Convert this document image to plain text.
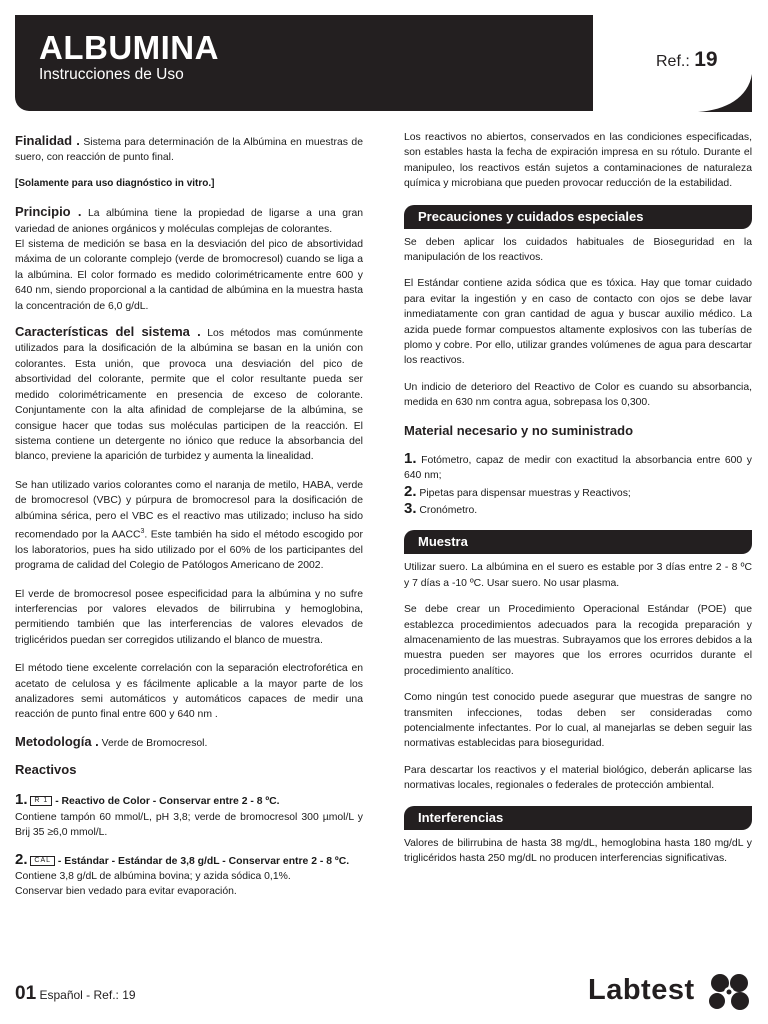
ALBUMINA
Instrucciones de Uso
Ref.: 19

Finalidad . Sistema para determinación de la Albúmina en muestras de suero, con reacción de punto final.

[Solamente para uso diagnóstico in vitro.]

Principio . La albúmina tiene la propiedad de ligarse a una gran variedad de aniones orgánicos y moléculas complejas de colorantes.

El sistema de medición se basa en la desviación del pico de absortividad máxima de un colorante complejo (verde de bromocresol) cuando se liga a la albúmina. El color formado es medido colorimétricamente entre 600 y 640 nm, siendo proporcional a la cantidad de albúmina en la muestra hasta la concentración de 6,0 g/dL.

Características del sistema . Los métodos mas comúnmente utilizados para la dosificación de la albúmina se basan en la unión con colorantes. Esta unión, que provoca una desviación del pico de absortividad del colorante, permite que el color resultante pueda ser medido colorimétricamente en presencia de exceso de colorante. Conjuntamente con la alta afinidad de complejarse de la albúmina, se consigue hacer que todas sus moléculas participen de la reacción. El sistema contiene un detergente no iónico que reduce la absorbancia del blanco, previene la aparición de turbidez y aumenta la linealidad.

Se han utilizado varios colorantes como el naranja de metilo, HABA, verde de bromocresol (VBC) y púrpura de bromocresol para la dosificación de albúmina sérica, pero el VBC es el reactivo mas utilizado; incluso ha sido recomendado por la AACC$^3$. Este también ha sido el método escogido por los laboratorios, pues ha sido utilizado por el 60% de los participantes del programa de calidad del Colegio de Patólogos Americano de 2002.

El verde de bromocresol posee especificidad para la albúmina y no sufre interferencias por valores elevados de bilirrubina y hemoglobina, permitiendo también que las interferencias de valores elevados de triglicéridos puedan ser corregidos utilizando el blanco de muestra.

El método tiene excelente correlación con la separación electroforética en acetato de celulosa y es fácilmente aplicable a la mayor parte de los analizadores semi automáticos y automáticos capaces de medir una reacción de punto final entre 600 y 640 nm .

Metodología . Verde de Bromocresol.

Reactivos

1. R 1 - Reactivo de Color - Conservar entre 2 - 8 ºC.

Contiene tampón 60 mmol/L, pH 3,8; verde de bromocresol 300 µmol/L y Brij 35 ≥6,0 mmol/L.

2. CAL - Estándar - Estándar de 3,8 g/dL - Conservar entre 2 - 8 ºC.

Contiene 3,8 g/dL de albúmina bovina; y azida sódica 0,1%.

Conservar bien vedado para evitar evaporación.

Los reactivos no abiertos, conservados en las condiciones especificadas, son estables hasta la fecha de expiración impresa en su rótulo. Durante el manipuleo, los reactivos están sujetos a contaminaciones de naturaleza química y microbiana que pueden provocar reducción de la estabilidad.

Precauciones y cuidados especiales

Se deben aplicar los cuidados habituales de Bioseguridad en la manipulación de los reactivos.

El Estándar contiene azida sódica que es tóxica. Hay que tomar cuidado para evitar la ingestión y en caso de contacto con ojos se debe lavar inmediatamente con gran cantidad de agua y buscar auxilio médico. La azida puede formar compuestos altamente explosivos con las tuberías de plomo y cobre. Por ello, utilizar grandes volúmenes de agua para descartar los reactivos.

Un indicio de deterioro del Reactivo de Color es cuando su absorbancia, medida en 630 nm contra agua, sobrepasa los 0,300.

Material necesario y no suministrado

1. Fotómetro, capaz de medir con exactitud la absorbancia entre 600 y 640 nm;

2. Pipetas para dispensar muestras y Reactivos;

3. Cronómetro.

Muestra

Utilizar suero. La albúmina en el suero es estable por 3 días entre 2 - 8 ºC y 7 días a -10 ºC. Usar suero. No usar plasma.

Se debe crear un Procedimiento Operacional Estándar (POE) que establezca procedimientos adecuados para la recogida preparación y almacenamiento de las muestras. Subrayamos que los errores debidos a la muestra pueden ser mayores que los errores ocurridos durante el procedimiento analítico.

Como ningún test conocido puede asegurar que muestras de sangre no transmiten infecciones, todas deben ser consideradas como potencialmente infectantes. Por lo cual, al manejarlas se deben seguir las normativas establecidas para bioseguridad.

Para descartar los reactivos y el material biológico, deberán aplicarse las normativas locales, regionales o federales de protección ambiental.

Interferencias

Valores de bilirrubina de hasta 38 mg/dL, hemoglobina hasta 180 mg/dL y triglicéridos hasta 250 mg/dL no producen interferencias significativas.

01 Español - Ref.: 19	Labtest
